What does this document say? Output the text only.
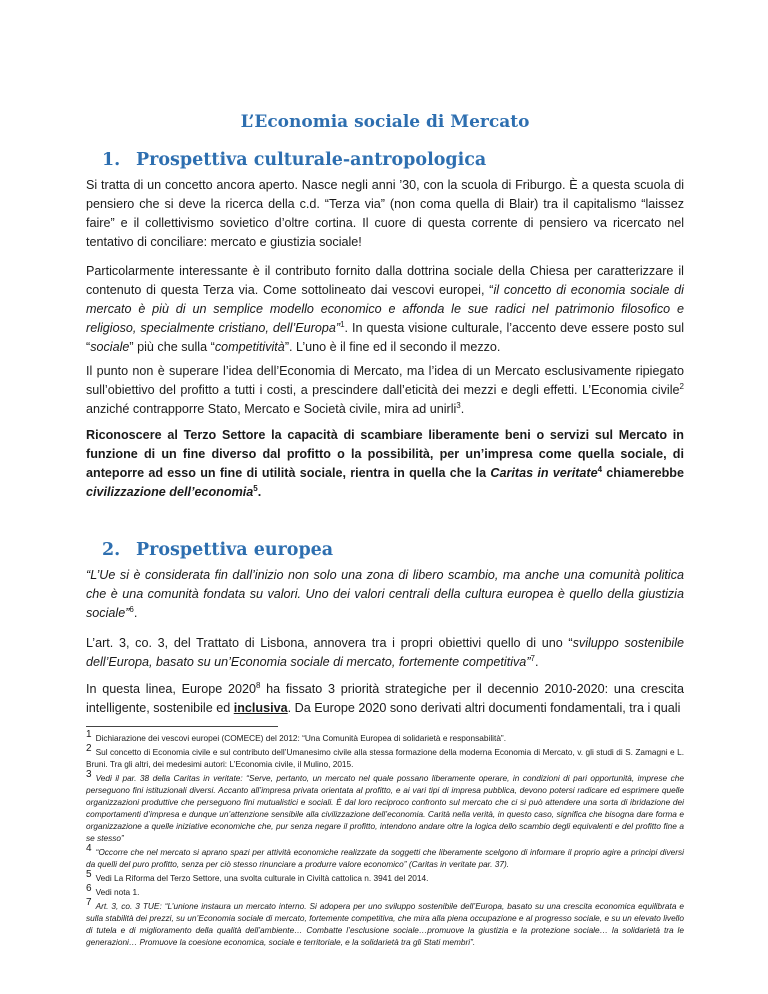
L’Economia sociale di Mercato
1. Prospettiva culturale-antropologica

Si tratta di un concetto ancora aperto. Nasce negli anni ’30, con la scuola di Friburgo. È a questa scuola di pensiero che si deve la ricerca della c.d. “Terza via” (non coma quella di Blair) tra il capitalismo “laissez faire” e il collettivismo sovietico d’oltre cortina. Il cuore di questa corrente di pensiero va ricercato nel tentativo di conciliare: mercato e giustizia sociale!

Particolarmente interessante è il contributo fornito dalla dottrina sociale della Chiesa per caratterizzare il contenuto di questa Terza via. Come sottolineato dai vescovi europei, “il concetto di economia sociale di mercato è più di un semplice modello economico e affonda le sue radici nel patrimonio filosofico e religioso, specialmente cristiano, dell’Europa”$^1$. In questa visione culturale, l’accento deve essere posto sul “sociale” più che sulla “competitività”. L’uno è il fine ed il secondo il mezzo.

Il punto non è superare l’idea dell’Economia di Mercato, ma l’idea di un Mercato esclusivamente ripiegato sull’obiettivo del profitto a tutti i costi, a prescindere dall’eticità dei mezzi e degli effetti. L’Economia civile$^2$ anziché contrapporre Stato, Mercato e Società civile, mira ad unirli$^3$.

Riconoscere al Terzo Settore la capacità di scambiare liberamente beni o servizi sul Mercato in funzione di un fine diverso dal profitto o la possibilità, per un’impresa come quella sociale, di anteporre ad esso un fine di utilità sociale, rientra in quella che la Caritas in veritate$^4$ chiamerebbe civilizzazione dell’economia$^5$.

2. Prospettiva europea

“L’Ue si è considerata fin dall’inizio non solo una zona di libero scambio, ma anche una comunità politica che è una comunità fondata su valori. Uno dei valori centrali della cultura europea è quello della giustizia sociale”$^6$.

L’art. 3, co. 3, del Trattato di Lisbona, annovera tra i propri obiettivi quello di uno “sviluppo sostenibile dell’Europa, basato su un’Economia sociale di mercato, fortemente competitiva”$^7$.

In questa linea, Europe 2020$^8$ ha fissato 3 priorità strategiche per il decennio 2010-2020: una crescita intelligente, sostenibile ed inclusiva. Da Europe 2020 sono derivati altri documenti fondamentali, tra i quali

$^1$ Dichiarazione dei vescovi europei (COMECE) del 2012: “Una Comunità Europea di solidarietà e responsabilità”.

$^2$ Sul concetto di Economia civile e sul contributo dell’Umanesimo civile alla stessa formazione della moderna Economia di Mercato, v. gli studi di S. Zamagni e L. Bruni. Tra gli altri, dei medesimi autori: L’Economia civile, il Mulino, 2015.

$^3$ Vedi il par. 38 della Caritas in veritate: “Serve, pertanto, un mercato nel quale possano liberamente operare, in condizioni di pari opportunità, imprese che perseguono fini istituzionali diversi. Accanto all’impresa privata orientata al profitto, e ai vari tipi di impresa pubblica, devono potersi radicare ed esprimere quelle organizzazioni produttive che perseguono fini mutualistici e sociali. È dal loro reciproco confronto sul mercato che ci si può attendere una sorta di ibridazione dei comportamenti d’impresa e dunque un’attenzione sensibile alla civilizzazione dell’economia. Carità nella verità, in questo caso, significa che bisogna dare forma e organizzazione a quelle iniziative economiche che, pur senza negare il profitto, intendono andare oltre la logica dello scambio degli equivalenti e del profitto fine a se stesso”

$^4$ “Occorre che nel mercato si aprano spazi per attività economiche realizzate da soggetti che liberamente scelgono di informare il proprio agire a principi diversi da quelli del puro profitto, senza per ciò stesso rinunciare a produrre valore economico” (Caritas in veritate par. 37).

$^5$ Vedi La Riforma del Terzo Settore, una svolta culturale in Civiltà cattolica n. 3941 del 2014.

$^6$ Vedi nota 1.

$^7$ Art. 3, co. 3 TUE: “L’unione instaura un mercato interno. Si adopera per uno sviluppo sostenibile dell’Europa, basato su una crescita economica equilibrata e sulla stabilità dei prezzi, su un’Economia sociale di mercato, fortemente competitiva, che mira alla piena occupazione e al progresso sociale, e su un elevato livello di tutela e di miglioramento della qualità dell’ambiente… Combatte l’esclusione sociale…promuove la giustizia e la protezione sociale… la solidarietà tra le generazioni… Promuove la coesione economica, sociale e territoriale, e la solidarietà tra gli Stati membri”.
